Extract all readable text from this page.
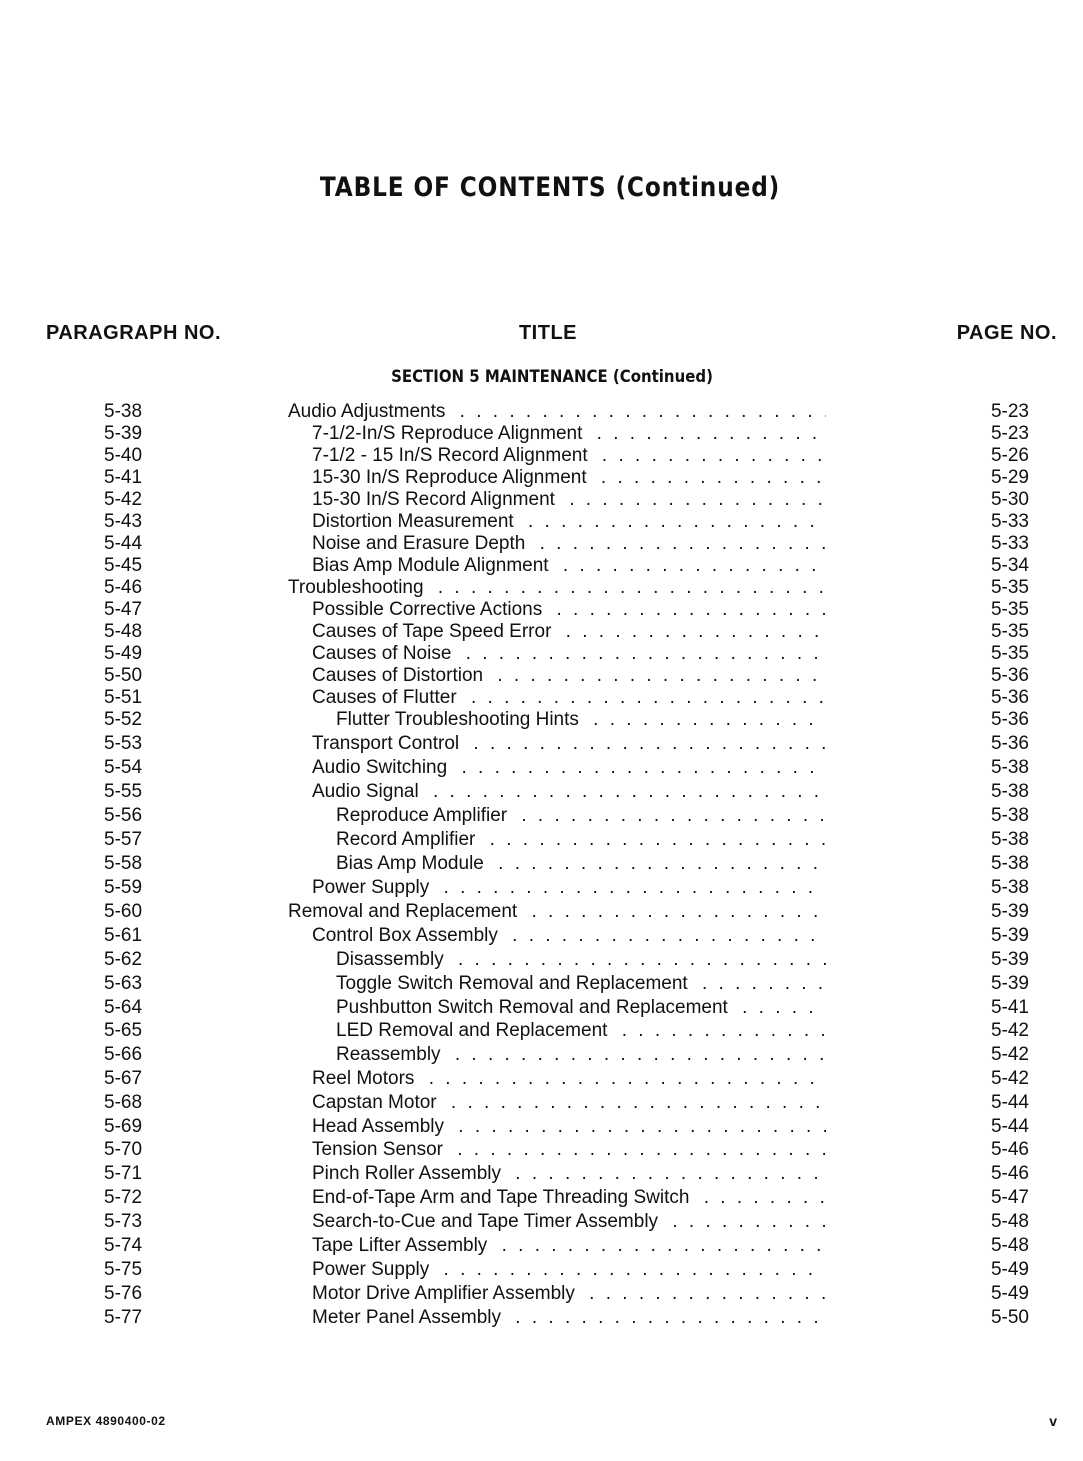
TABLE OF CONTENTS (Continued)
PARAGRAPH NO.	TITLE	PAGE NO.
SECTION 5 MAINTENANCE (Continued)
5-38	Audio Adjustments . . .	5-23
5-39	7-1/2-In/S Reproduce Alignment . . .	5-23
5-40	7-1/2 - 15 In/S Record Alignment . . .	5-26
5-41	15-30 In/S Reproduce Alignment . . .	5-29
5-42	15-30 In/S Record Alignment . . .	5-30
5-43	Distortion Measurement . . .	5-33
5-44	Noise and Erasure Depth . . .	5-33
5-45	Bias Amp Module Alignment . . .	5-34
5-46	Troubleshooting . . .	5-35
5-47	Possible Corrective Actions . . .	5-35
5-48	Causes of Tape Speed Error . . .	5-35
5-49	Causes of Noise . . .	5-35
5-50	Causes of Distortion . . .	5-36
5-51	Causes of Flutter . . .	5-36
5-52	Flutter Troubleshooting Hints . . .	5-36
5-53	Transport Control . . .	5-36
5-54	Audio Switching . . .	5-38
5-55	Audio Signal . . .	5-38
5-56	Reproduce Amplifier . . .	5-38
5-57	Record Amplifier . . .	5-38
5-58	Bias Amp Module . . .	5-38
5-59	Power Supply . . .	5-38
5-60	Removal and Replacement . . .	5-39
5-61	Control Box Assembly . . .	5-39
5-62	Disassembly . . .	5-39
5-63	Toggle Switch Removal and Replacement . . .	5-39
5-64	Pushbutton Switch Removal and Replacement . . .	5-41
5-65	LED Removal and Replacement . . .	5-42
5-66	Reassembly . . .	5-42
5-67	Reel Motors . . .	5-42
5-68	Capstan Motor . . .	5-44
5-69	Head Assembly . . .	5-44
5-70	Tension Sensor . . .	5-46
5-71	Pinch Roller Assembly . . .	5-46
5-72	End-of-Tape Arm and Tape Threading Switch . . .	5-47
5-73	Search-to-Cue and Tape Timer Assembly . . .	5-48
5-74	Tape Lifter Assembly . . .	5-48
5-75	Power Supply . . .	5-49
5-76	Motor Drive Amplifier Assembly . . .	5-49
5-77	Meter Panel Assembly . . .	5-50
AMPEX 4890400-02	v
